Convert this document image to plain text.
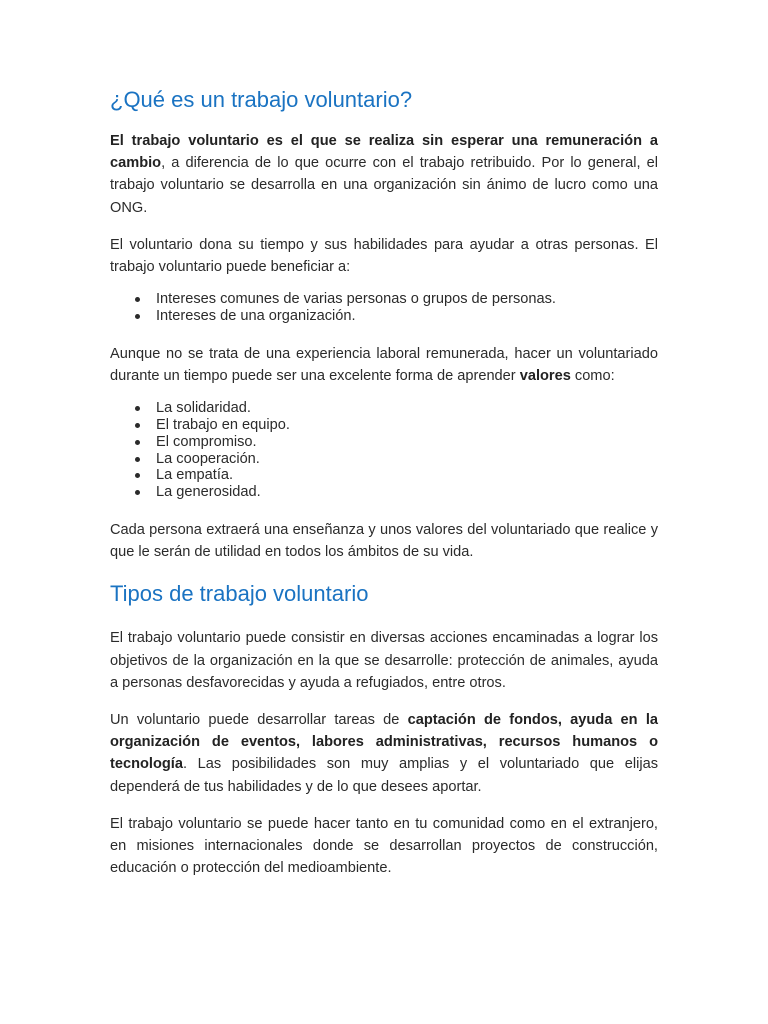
¿Qué es un trabajo voluntario?

El trabajo voluntario es el que se realiza sin esperar una remuneración a cambio, a diferencia de lo que ocurre con el trabajo retribuido. Por lo general, el trabajo voluntario se desarrolla en una organización sin ánimo de lucro como una ONG.

El voluntario dona su tiempo y sus habilidades para ayudar a otras personas. El trabajo voluntario puede beneficiar a:

Intereses comunes de varias personas o grupos de personas.
Intereses de una organización.

Aunque no se trata de una experiencia laboral remunerada, hacer un voluntariado durante un tiempo puede ser una excelente forma de aprender valores como:

La solidaridad.
El trabajo en equipo.
El compromiso.
La cooperación.
La empatía.
La generosidad.

Cada persona extraerá una enseñanza y unos valores del voluntariado que realice y que le serán de utilidad en todos los ámbitos de su vida.

Tipos de trabajo voluntario

El trabajo voluntario puede consistir en diversas acciones encaminadas a lograr los objetivos de la organización en la que se desarrolle: protección de animales, ayuda a personas desfavorecidas y ayuda a refugiados, entre otros.

Un voluntario puede desarrollar tareas de captación de fondos, ayuda en la organización de eventos, labores administrativas, recursos humanos o tecnología. Las posibilidades son muy amplias y el voluntariado que elijas dependerá de tus habilidades y de lo que desees aportar.

El trabajo voluntario se puede hacer tanto en tu comunidad como en el extranjero, en misiones internacionales donde se desarrollan proyectos de construcción, educación o protección del medioambiente.
